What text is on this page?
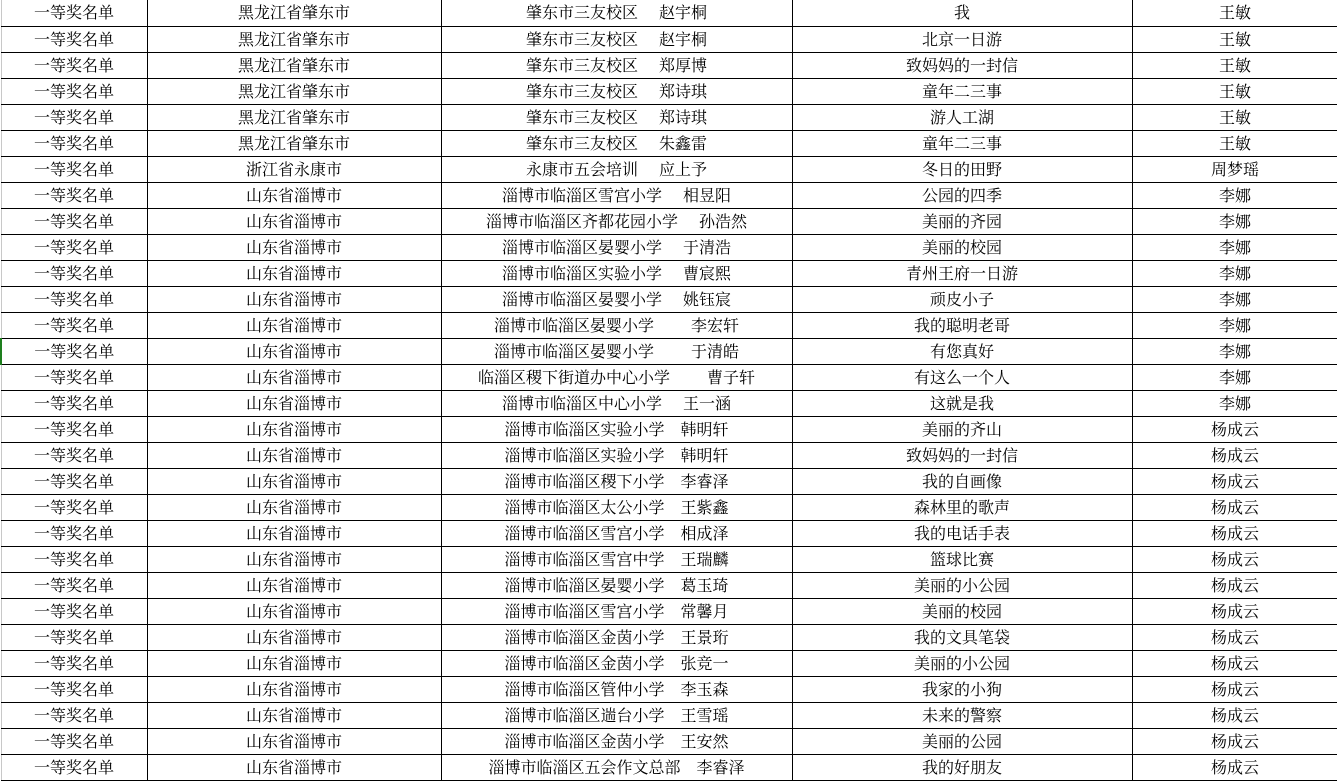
一等奖名单	黑龙江省肇东市	肇东市三友校区　 赵宇桐	我	王敏
一等奖名单	黑龙江省肇东市	肇东市三友校区　 赵宇桐	北京一日游	王敏
一等奖名单	黑龙江省肇东市	肇东市三友校区　 郑厚博	致妈妈的一封信	王敏
一等奖名单	黑龙江省肇东市	肇东市三友校区　 郑诗琪	童年二三事	王敏
一等奖名单	黑龙江省肇东市	肇东市三友校区　 郑诗琪	游人工湖	王敏
一等奖名单	黑龙江省肇东市	肇东市三友校区　 朱鑫雷	童年二三事	王敏
一等奖名单	浙江省永康市	永康市五会培训　 应上予	冬日的田野	周梦瑶
一等奖名单	山东省淄博市	淄博市临淄区雪宫小学　 相昱阳	公园的四季	李娜
一等奖名单	山东省淄博市	淄博市临淄区齐都花园小学　 孙浩然	美丽的齐园	李娜
一等奖名单	山东省淄博市	淄博市临淄区晏婴小学　 于清浩	美丽的校园	李娜
一等奖名单	山东省淄博市	淄博市临淄区实验小学　 曹宸熙	青州王府一日游	李娜
一等奖名单	山东省淄博市	淄博市临淄区晏婴小学　 姚钰宸	顽皮小子	李娜
一等奖名单	山东省淄博市	淄博市临淄区晏婴小学　　 李宏轩	我的聪明老哥	李娜
一等奖名单	山东省淄博市	淄博市临淄区晏婴小学　　 于清皓	有您真好	李娜
一等奖名单	山东省淄博市	临淄区稷下街道办中心小学　　 曹子轩	有这么一个人	李娜
一等奖名单	山东省淄博市	淄博市临淄区中心小学　 王一涵	这就是我	李娜
一等奖名单	山东省淄博市	淄博市临淄区实验小学　韩明轩	美丽的齐山	杨成云
一等奖名单	山东省淄博市	淄博市临淄区实验小学　韩明轩	致妈妈的一封信	杨成云
一等奖名单	山东省淄博市	淄博市临淄区稷下小学　李睿泽	我的自画像	杨成云
一等奖名单	山东省淄博市	淄博市临淄区太公小学　王紫鑫	森林里的歌声	杨成云
一等奖名单	山东省淄博市	淄博市临淄区雪宫小学　相成泽	我的电话手表	杨成云
一等奖名单	山东省淄博市	淄博市临淄区雪宫中学　王瑞麟	篮球比赛	杨成云
一等奖名单	山东省淄博市	淄博市临淄区晏婴小学　葛玉琦	美丽的小公园	杨成云
一等奖名单	山东省淄博市	淄博市临淄区雪宫小学　常馨月	美丽的校园	杨成云
一等奖名单	山东省淄博市	淄博市临淄区金茵小学　王景珩	我的文具笔袋	杨成云
一等奖名单	山东省淄博市	淄博市临淄区金茵小学　张竞一	美丽的小公园	杨成云
一等奖名单	山东省淄博市	淄博市临淄区管仲小学　李玉森	我家的小狗	杨成云
一等奖名单	山东省淄博市	淄博市临淄区遄台小学　王雪瑶	未来的警察	杨成云
一等奖名单	山东省淄博市	淄博市临淄区金茵小学　王安然	美丽的公园	杨成云
一等奖名单	山东省淄博市	淄博市临淄区五会作文总部　李睿泽	我的好朋友	杨成云
